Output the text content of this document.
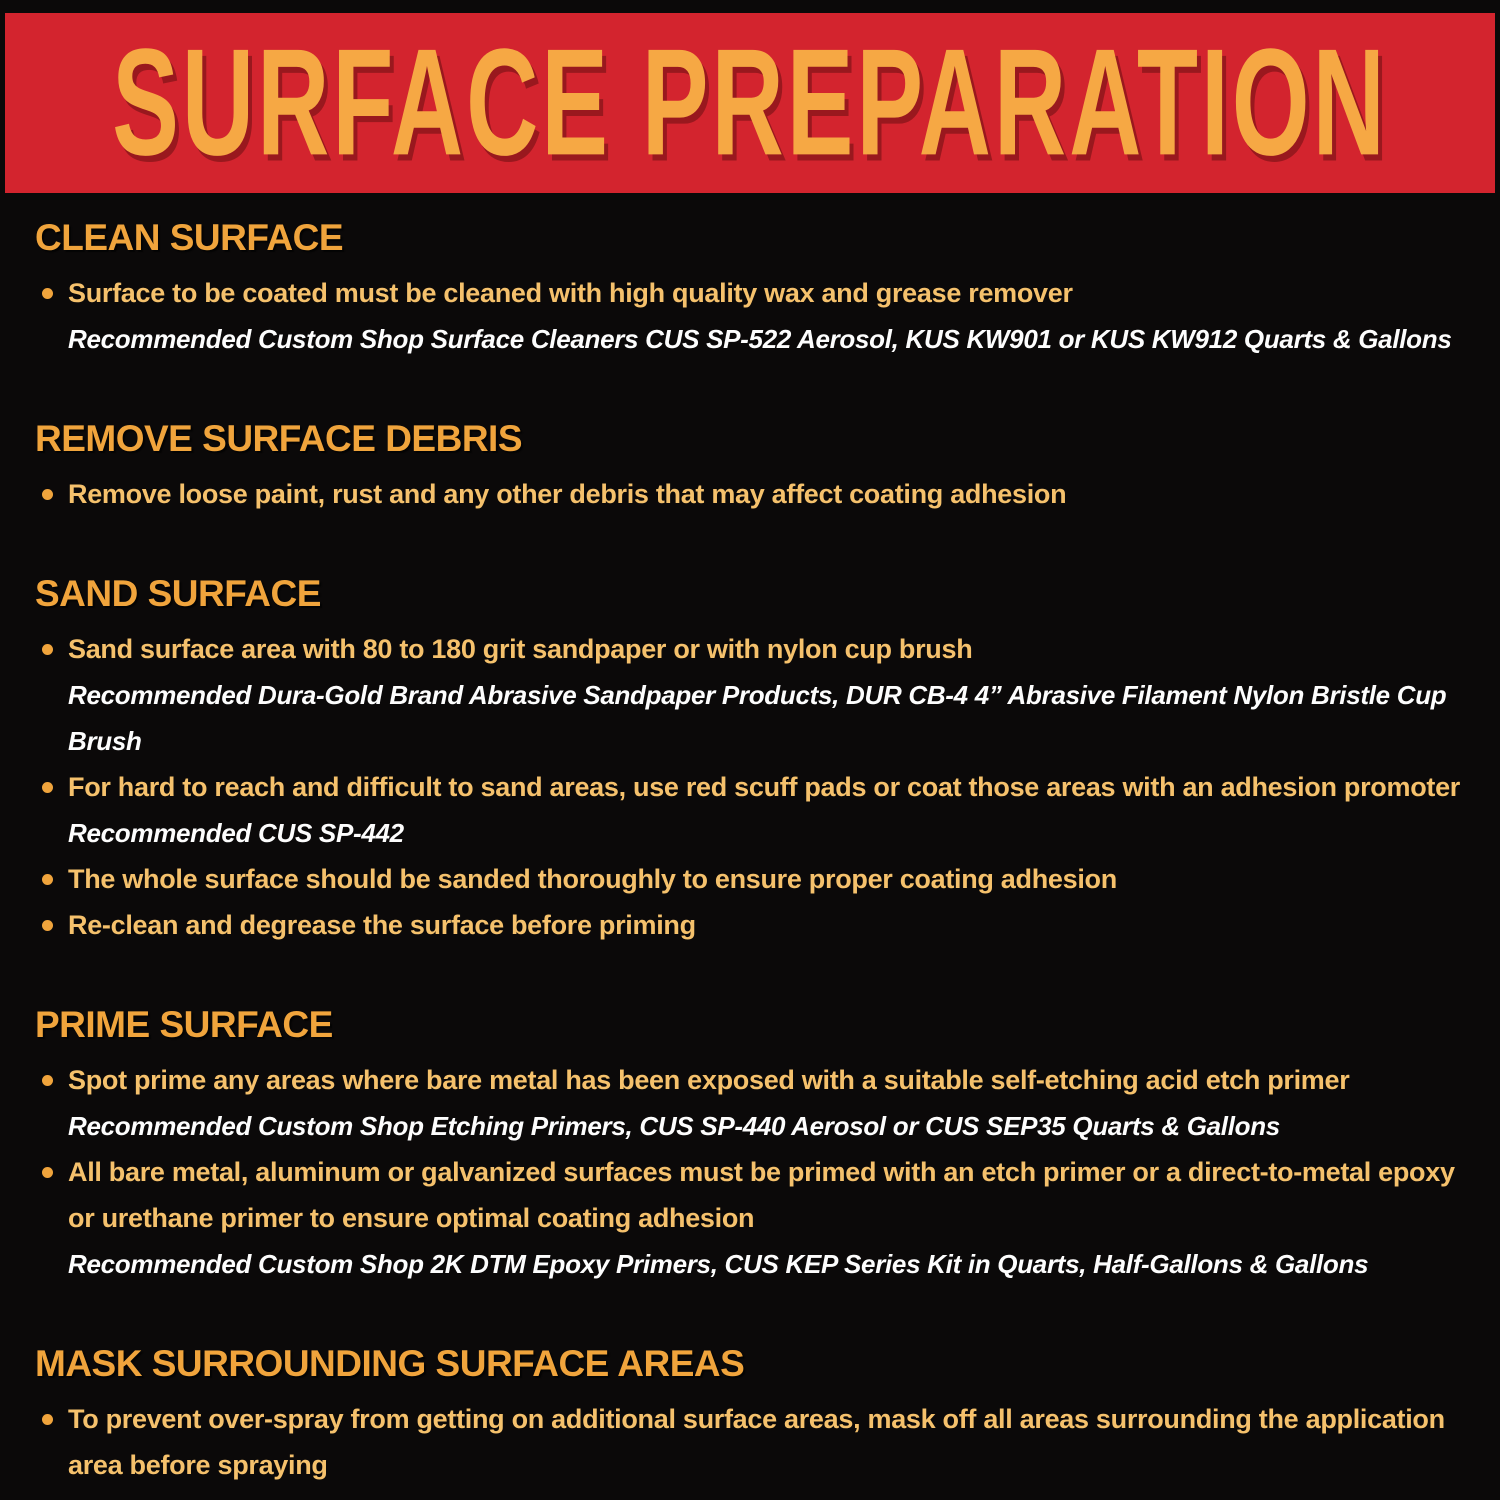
SURFACE PREPARATION
CLEAN SURFACE
Surface to be coated must be cleaned with high quality wax and grease remover
Recommended Custom Shop Surface Cleaners CUS SP-522 Aerosol, KUS KW901 or KUS KW912 Quarts & Gallons
REMOVE SURFACE DEBRIS
Remove loose paint, rust and any other debris that may affect coating adhesion
SAND SURFACE
Sand surface area with 80 to 180 grit sandpaper or with nylon cup brush
Recommended Dura-Gold Brand Abrasive Sandpaper Products, DUR CB-4 4” Abrasive Filament Nylon Bristle Cup Brush
For hard to reach and difficult to sand areas, use red scuff pads or coat those areas with an adhesion promoter
Recommended CUS SP-442
The whole surface should be sanded thoroughly to ensure proper coating adhesion
Re-clean and degrease the surface before priming
PRIME SURFACE
Spot prime any areas where bare metal has been exposed with a suitable self-etching acid etch primer
Recommended Custom Shop Etching Primers, CUS SP-440 Aerosol or CUS SEP35 Quarts & Gallons
All bare metal, aluminum or galvanized surfaces must be primed with an etch primer or a direct-to-metal epoxy or urethane primer to ensure optimal coating adhesion
Recommended Custom Shop 2K DTM Epoxy Primers, CUS KEP Series Kit in Quarts, Half-Gallons & Gallons
MASK SURROUNDING SURFACE AREAS
To prevent over-spray from getting on additional surface areas, mask off all areas surrounding the application area before spraying
